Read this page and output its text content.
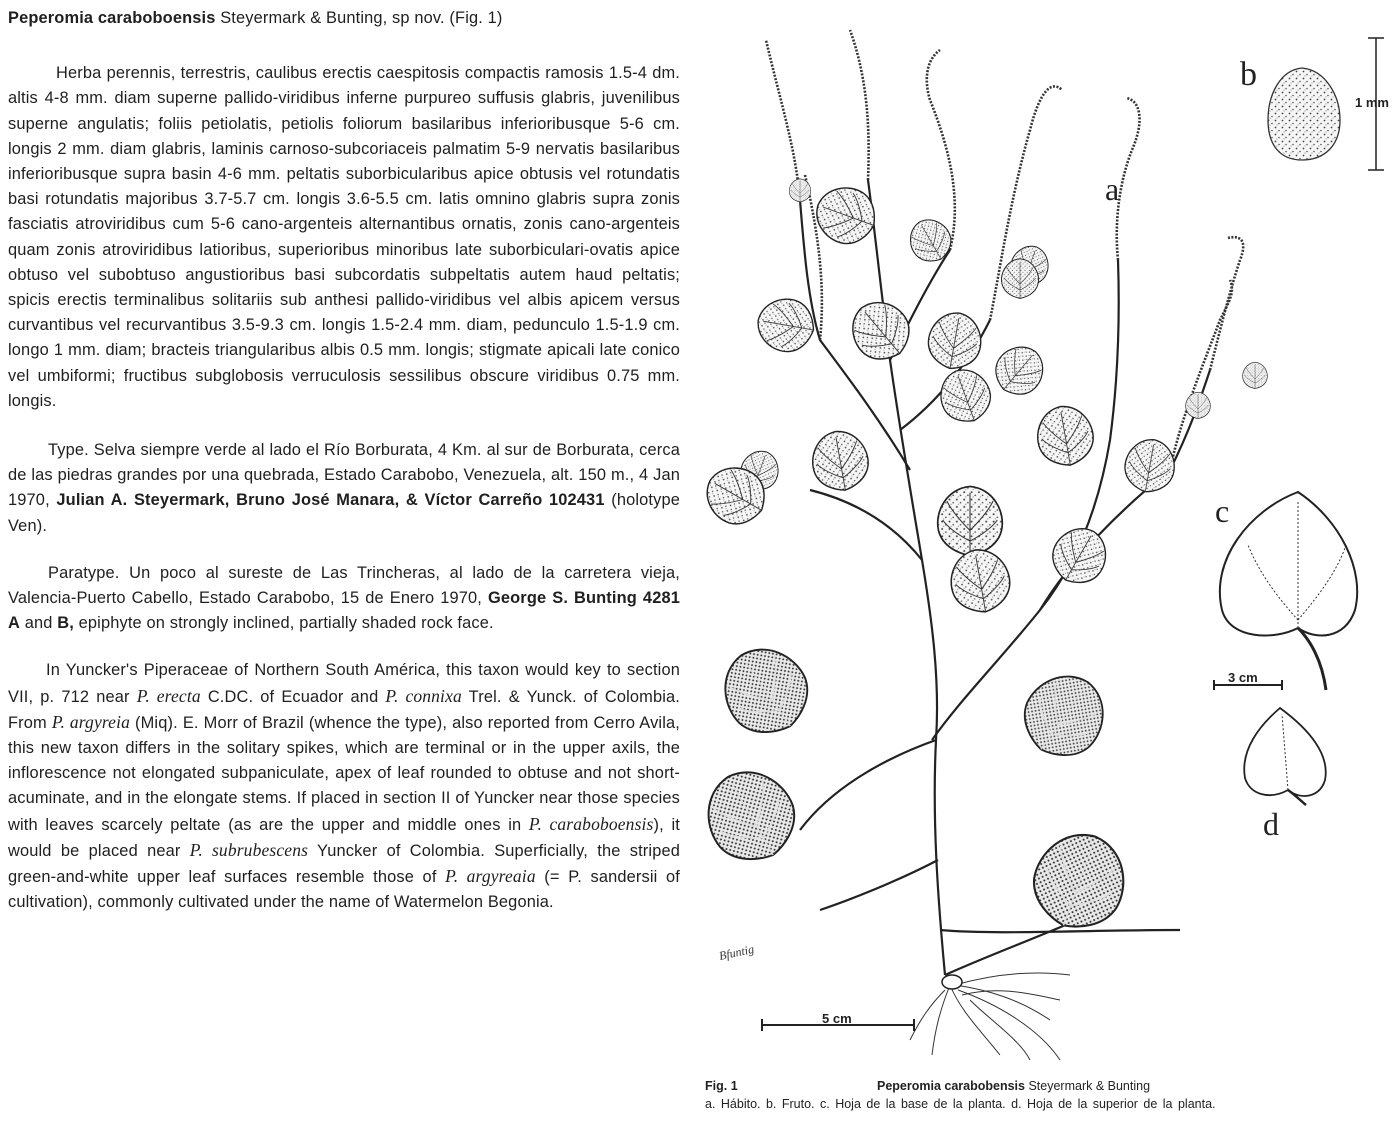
Peperomia caraboboensis Steyermark & Bunting, sp nov. (Fig. 1)

Herba perennis, terrestris, caulibus erectis caespitosis compactis ramosis 1.5-4 dm. altis 4-8 mm. diam superne pallido-viridibus inferne purpureo suffusis glabris, juvenilibus superne angulatis; foliis petiolatis, petiolis foliorum basilaribus inferioribusque 5-6 cm. longis 2 mm. diam glabris, laminis carnoso-subcoriaceis palmatim 5-9 nervatis basilaribus inferioribusque supra basin 4-6 mm. peltatis suborbicularibus apice obtusis vel rotundatis basi rotundatis majoribus 3.7-5.7 cm. longis 3.6-5.5 cm. latis omnino glabris supra zonis fasciatis atroviridibus cum 5-6 cano-argenteis alternantibus ornatis, zonis cano-argenteis quam zonis atroviridibus latioribus, superioribus minoribus late suborbiculari-ovatis apice obtuso vel subobtuso angustioribus basi subcordatis subpeltatis autem haud peltatis; spicis erectis terminalibus solitariis sub anthesi pallido-viridibus vel albis apicem versus curvantibus vel recurvantibus 3.5-9.3 cm. longis 1.5-2.4 mm. diam, pedunculo 1.5-1.9 cm. longo 1 mm. diam; bracteis triangularibus albis 0.5 mm. longis; stigmate apicali late conico vel umbiformi; fructibus subglobosis verruculosis sessilibus obscure viridibus 0.75 mm. longis.

Type. Selva siempre verde al lado el Río Borburata, 4 Km. al sur de Borburata, cerca de las piedras grandes por una quebrada, Estado Carabobo, Venezuela, alt. 150 m., 4 Jan 1970, Julian A. Steyermark, Bruno José Manara, & Víctor Carreño 102431 (holotype Ven).

Paratype. Un poco al sureste de Las Trincheras, al lado de la carretera vieja, Valencia-Puerto Cabello, Estado Carabobo, 15 de Enero 1970, George S. Bunting 4281 A and B, epiphyte on strongly inclined, partially shaded rock face.

In Yuncker's Piperaceae of Northern South América, this taxon would key to section VII, p. 712 near P. erecta C.DC. of Ecuador and P. connixa Trel. & Yunck. of Colombia. From P. argyreia (Miq). E. Morr of Brazil (whence the type), also reported from Cerro Avila, this new taxon differs in the solitary spikes, which are terminal or in the upper axils, the inflorescence not elongated subpaniculate, apex of leaf rounded to obtuse and not short-acuminate, and in the elongate stems. If placed in section II of Yuncker near those species with leaves scarcely peltate (as are the upper and middle ones in P. caraboboensis), it would be placed near P. subrubescens Yuncker of Colombia. Superficially, the striped green-and-white upper leaf surfaces resemble those of P. argyreaia (= P. sandersii of cultivation), commonly cultivated under the name of Watermelon Begonia.

a
b
1 mm
c
3 cm
d
5 cm
Bfuntig
Fig. 1	Peperomia carabobensis Steyermark & Bunting
a. Hábito. b. Fruto. c. Hoja de la base de la planta. d. Hoja de la superior de la planta.
